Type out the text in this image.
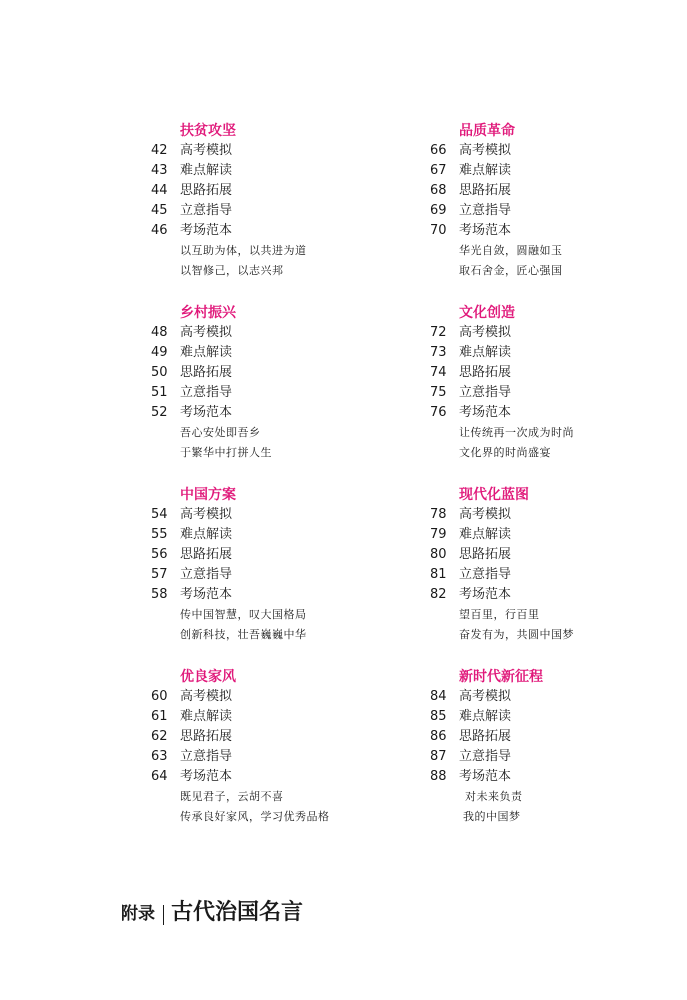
扶贫攻坚
42 高考模拟
43 难点解读
44 思路拓展
45 立意指导
46 考场范本
以互助为体，以共进为道
以智修己，以志兴邦
乡村振兴
48 高考模拟
49 难点解读
50 思路拓展
51 立意指导
52 考场范本
吾心安处即吾乡
于繁华中打拼人生
中国方案
54 高考模拟
55 难点解读
56 思路拓展
57 立意指导
58 考场范本
传中国智慧，叹大国格局
创新科技，壮吾巍巍中华
优良家风
60 高考模拟
61 难点解读
62 思路拓展
63 立意指导
64 考场范本
既见君子，云胡不喜
传承良好家风，学习优秀品格
品质革命
66 高考模拟
67 难点解读
68 思路拓展
69 立意指导
70 考场范本
华光自敛，圆融如玉
取石舍金，匠心强国
文化创造
72 高考模拟
73 难点解读
74 思路拓展
75 立意指导
76 考场范本
让传统再一次成为时尚
文化界的时尚盛宴
现代化蓝图
78 高考模拟
79 难点解读
80 思路拓展
81 立意指导
82 考场范本
望百里，行百里
奋发有为，共圆中国梦
新时代新征程
84 高考模拟
85 难点解读
86 思路拓展
87 立意指导
88 考场范本
对未来负责
我的中国梦
附录 古代治国名言
